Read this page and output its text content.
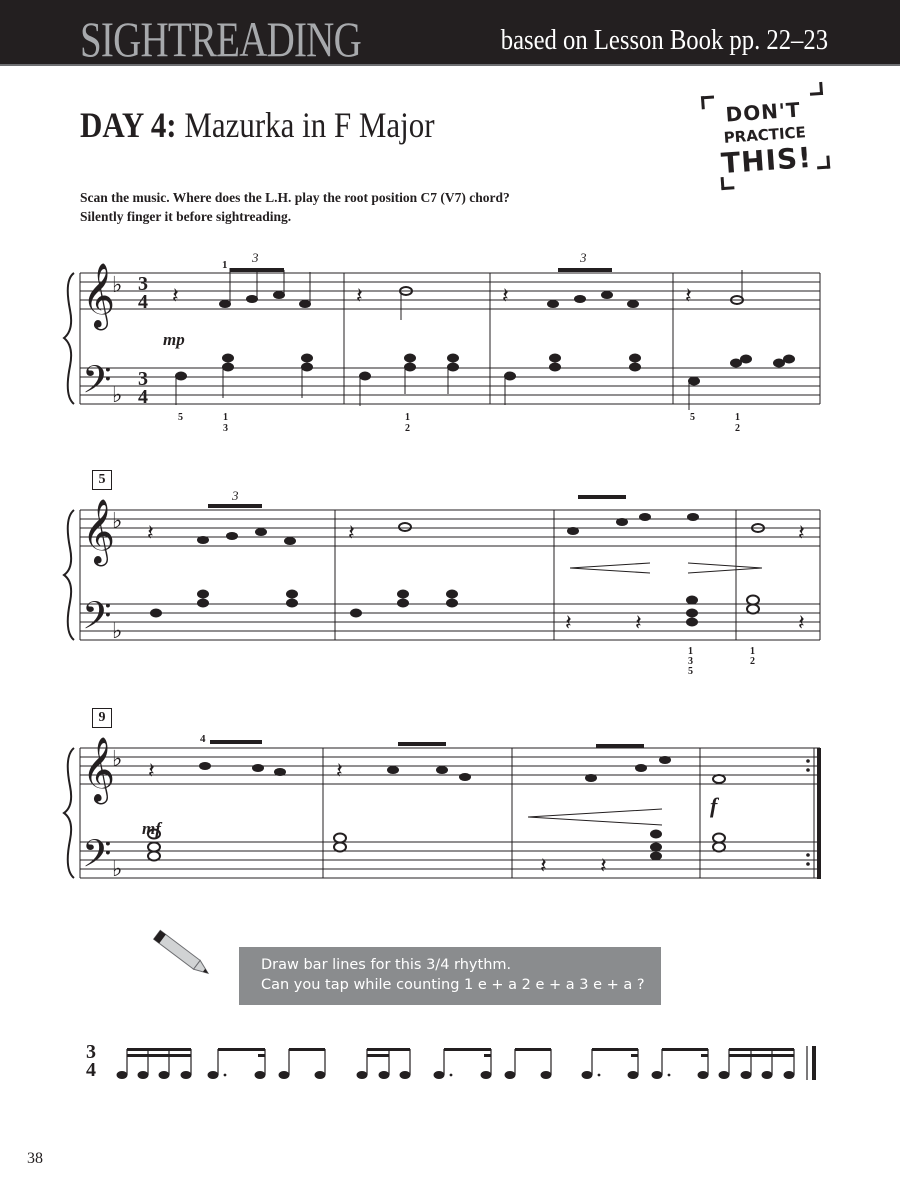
SIGHTREADING	based on Lesson Book pp. 22–23
DAY 4: Mazurka in F Major	DON'T
PRACTICE
THIS!
Scan the music. Where does the L.H. play the root position C7 (V7) chord?
Silently finger it before sightreading.
𝄞
♭ 3
4
𝄢 ♭
3
4
𝄽
1 3
mp
5	1
3
𝄽
1
2
𝄽
3
𝄽
5	1
2
5
𝄞
♭
𝄢 ♭
𝄽
3
𝄽
𝄽	𝄽
1
3
5
1
2
𝄽
𝄽
9
𝄞
♭
𝄢 ♭
𝄽
4
mf
𝄽
𝄽 𝄽
f
Draw bar lines for this 3/4 rhythm.
Can you tap while counting 1 e + a 2 e + a 3 e + a ?
3
4
38
